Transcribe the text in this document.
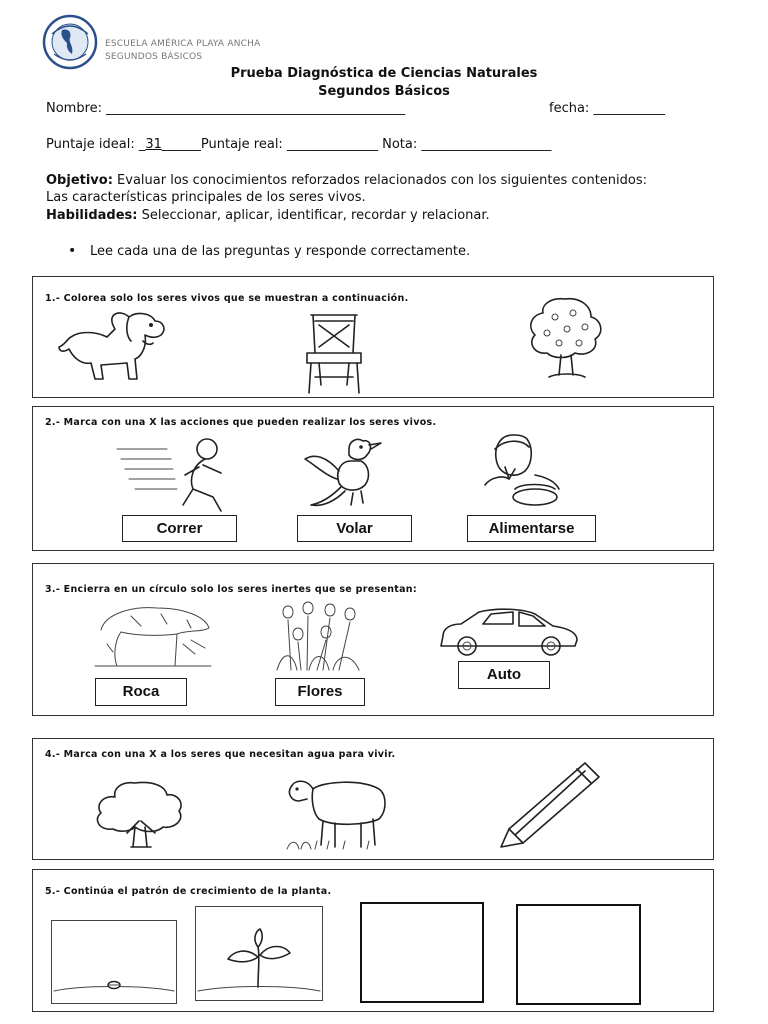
ESCUELA AMÉRICA PLAYA ANCHA
SEGUNDOS BÁSICOS
Prueba Diagnóstica de Ciencias Naturales
Segundos Básicos
Nombre: ______________________________________________	fecha: ___________
Puntaje ideal: _31______Puntaje real: ______________ Nota: ____________________
Objetivo: Evaluar los conocimientos reforzados relacionados con los siguientes contenidos:
Las características principales de los seres vivos.
Habilidades: Seleccionar, aplicar, identificar, recordar y relacionar.
• Lee cada una de las preguntas y responde correctamente.
1.- Colorea solo los seres vivos que se muestran a continuación.
2.- Marca con una X las acciones que pueden realizar los seres vivos.
Correr	Volar	Alimentarse
3.- Encierra en un círculo solo los seres inertes que se presentan:
Roca	Flores
Auto
4.- Marca con una X a los seres que necesitan agua para vivir.
5.- Continúa el patrón de crecimiento de la planta.
